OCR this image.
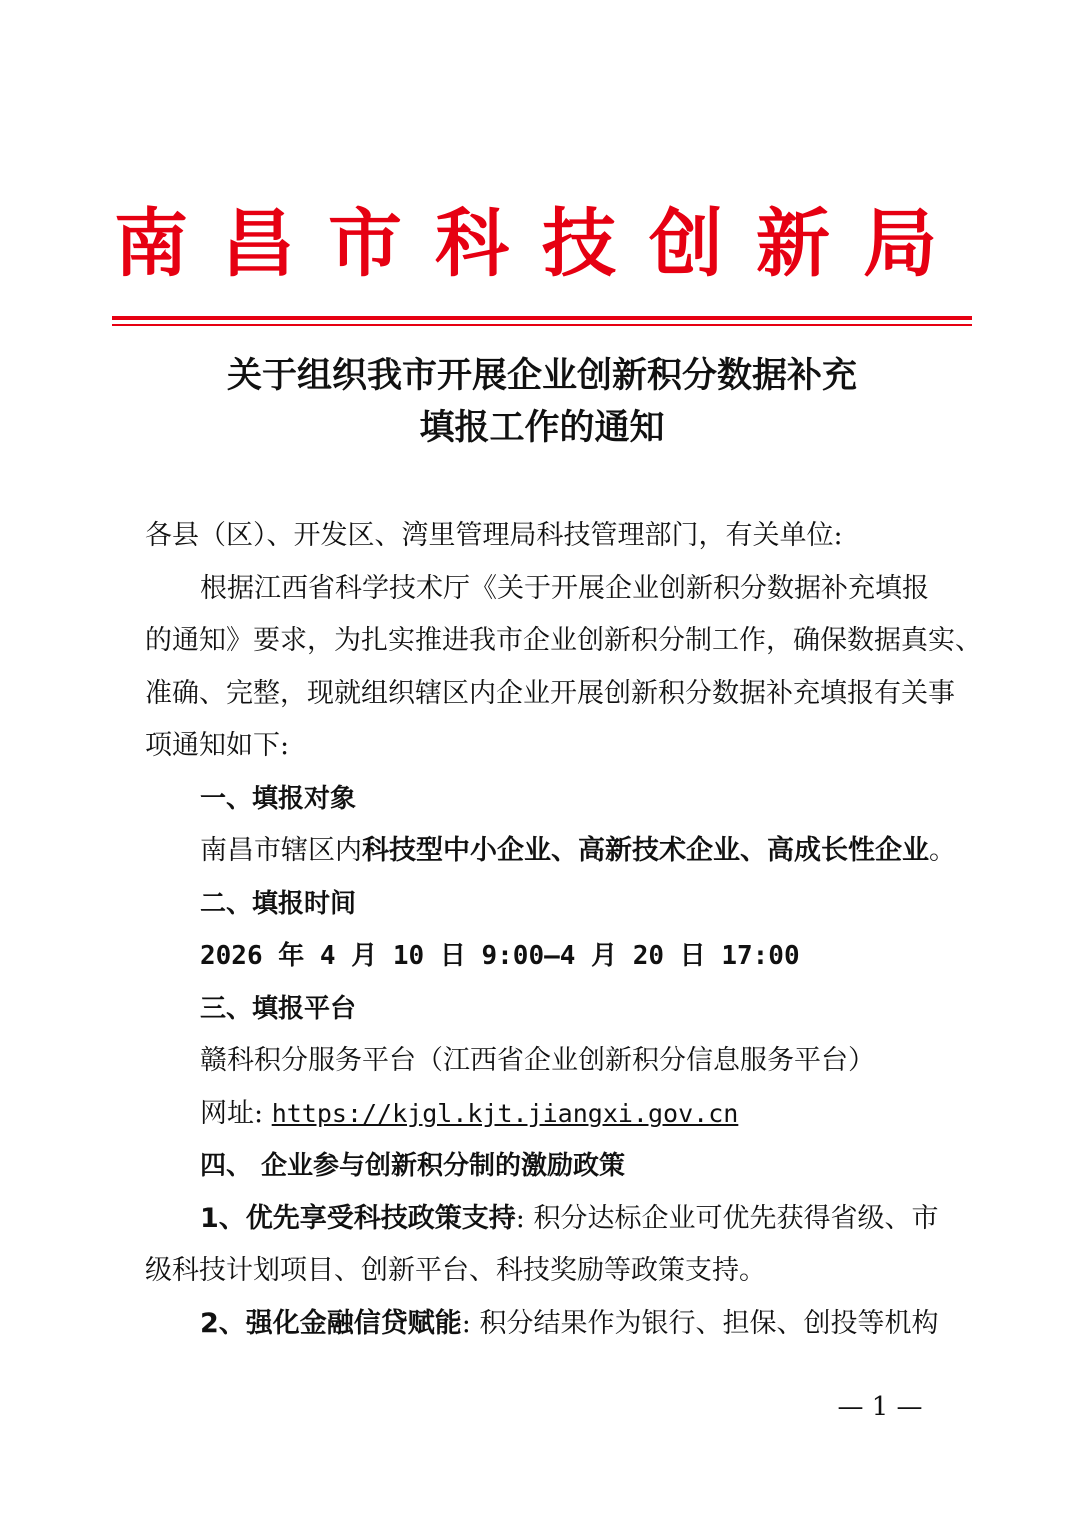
南昌市科技创新局
关于组织我市开展企业创新积分数据补充
填报工作的通知
各县（区）、开发区、湾里管理局科技管理部门，有关单位:
根据江西省科学技术厅《关于开展企业创新积分数据补充填报
的通知》要求，为扎实推进我市企业创新积分制工作，确保数据真实、
准确、完整，现就组织辖区内企业开展创新积分数据补充填报有关事
项通知如下:
一、填报对象
南昌市辖区内科技型中小企业、高新技术企业、高成长性企业。
二、填报时间
2026 年 4 月 10 日 9:00—4 月 20 日 17:00
三、填报平台
赣科积分服务平台（江西省企业创新积分信息服务平台）
网址: https://kjgl.kjt.jiangxi.gov.cn
四、 企业参与创新积分制的激励政策
1、优先享受科技政策支持: 积分达标企业可优先获得省级、市
级科技计划项目、创新平台、科技奖励等政策支持。
2、强化金融信贷赋能: 积分结果作为银行、担保、创投等机构
— 1 —
